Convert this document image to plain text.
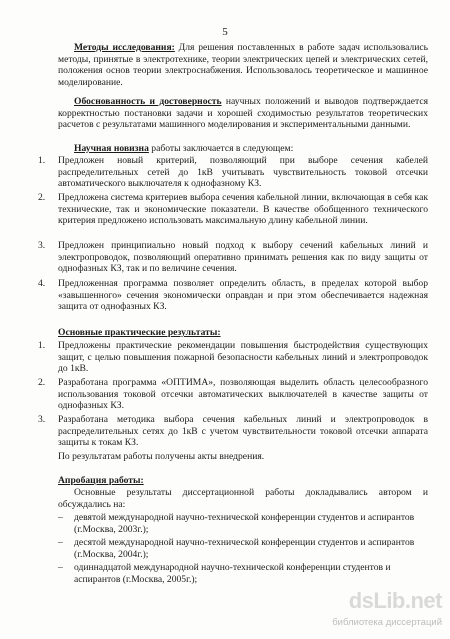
5
Методы исследования: Для решения поставленных в работе задач использовались методы, принятые в электротехнике, теории электрических цепей и электрических сетей, положения основ теории электроснабжения. Использовалось теоретическое и машинное моделирование.
Обоснованность и достоверность научных положений и выводов подтверждается корректностью постановки задачи и хорошей сходимостью результатов теоретических расчетов с результатами машинного моделирования и экспериментальными данными.
Научная новизна работы заключается в следующем:
1.	Предложен новый критерий, позволяющий при выборе сечения кабелей распределительных сетей до 1кВ учитывать чувствительность токовой отсечки автоматического выключателя к однофазному КЗ.
2.	Предложена система критериев выбора сечения кабельной линии, включающая в себя как технические, так и экономические показатели. В качестве обобщенного технического критерия предложено использовать максимальную длину кабельной линии.
3.	Предложен принципиально новый подход к выбору сечений кабельных линий и электропроводок, позволяющий оперативно принимать решения как по виду защиты от однофазных КЗ, так и по величине сечения.
4.	Предложенная программа позволяет определить область, в пределах которой выбор «завышенного» сечения экономически оправдан и при этом обеспечивается надежная защита от однофазных КЗ.
Основные практические результаты:
1.	Предложены практические рекомендации повышения быстродействия существующих защит, с целью повышения пожарной безопасности кабельных линий и электропроводок до 1кВ.
2.	Разработана программа «ОПТИМА», позволяющая выделить область целесообразного использования токовой отсечки автоматических выключателей в качестве защиты от однофазных КЗ.
3.	Разработана методика выбора сечения кабельных линий и электропроводок в распределительных сетях до 1кВ с учетом чувствительности токовой отсечки аппарата защиты к токам КЗ.
По результатам работы получены акты внедрения.
Апробация работы:
Основные результаты диссертационной работы докладывались автором и обсуждались на:
–	девятой международной научно-технической конференции студентов и аспирантов (г.Москва, 2003г.);
–	десятой международной научно-технической конференции студентов и аспирантов (г.Москва, 2004г.);
–	одиннадцатой международной научно-технической конференции студентов и аспирантов (г.Москва, 2005г.);
dsLib.net
библиотека диссертаций
